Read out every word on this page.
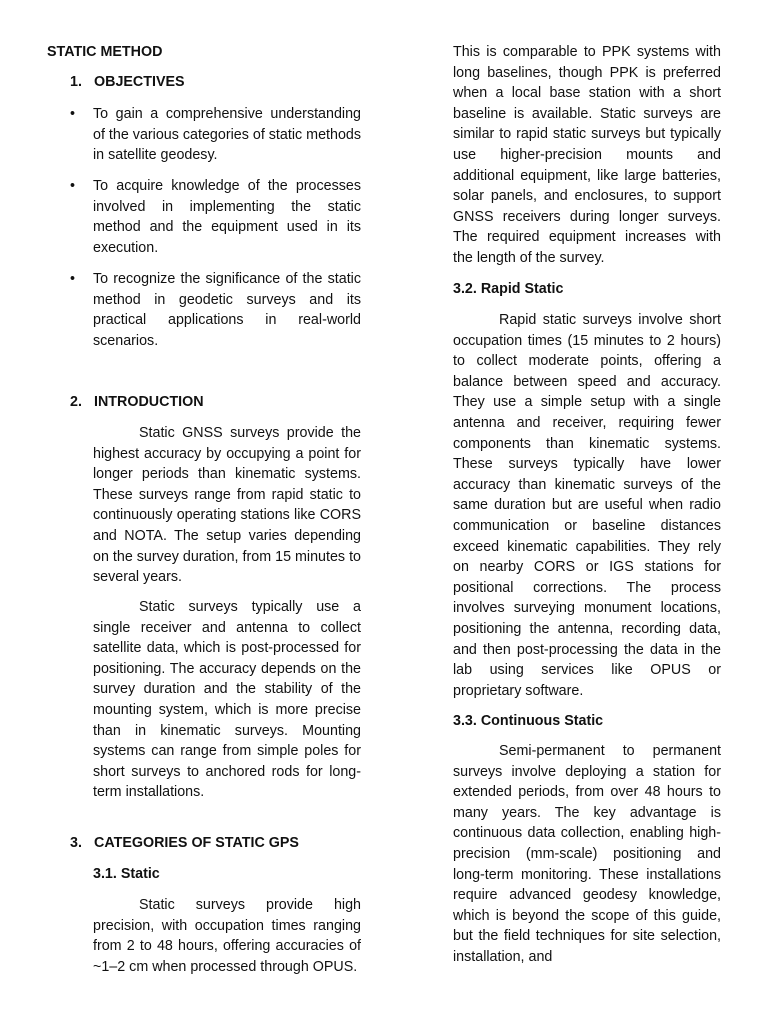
STATIC METHOD
1. OBJECTIVES
• To gain a comprehensive understanding of the various categories of static methods in satellite geodesy.
• To acquire knowledge of the processes involved in implementing the static method and the equipment used in its execution.
• To recognize the significance of the static method in geodetic surveys and its practical applications in real-world scenarios.
2. INTRODUCTION

Static GNSS surveys provide the highest accuracy by occupying a point for longer periods than kinematic systems. These surveys range from rapid static to continuously operating stations like CORS and NOTA. The setup varies depending on the survey duration, from 15 minutes to several years.

Static surveys typically use a single receiver and antenna to collect satellite data, which is post-processed for positioning. The accuracy depends on the survey duration and the stability of the mounting system, which is more precise than in kinematic surveys. Mounting systems can range from simple poles for short surveys to anchored rods for long-term installations.

3. CATEGORIES OF STATIC GPS
3.1. Static

Static surveys provide high precision, with occupation times ranging from 2 to 48 hours, offering accuracies of ~1–2 cm when processed through OPUS.

This is comparable to PPK systems with long baselines, though PPK is preferred when a local base station with a short baseline is available. Static surveys are similar to rapid static surveys but typically use higher-precision mounts and additional equipment, like large batteries, solar panels, and enclosures, to support GNSS receivers during longer surveys. The required equipment increases with the length of the survey.

3.2. Rapid Static

Rapid static surveys involve short occupation times (15 minutes to 2 hours) to collect moderate points, offering a balance between speed and accuracy. They use a simple setup with a single antenna and receiver, requiring fewer components than kinematic systems. These surveys typically have lower accuracy than kinematic surveys of the same duration but are useful when radio communication or baseline distances exceed kinematic capabilities. They rely on nearby CORS or IGS stations for positional corrections. The process involves surveying monument locations, positioning the antenna, recording data, and then post-processing the data in the lab using services like OPUS or proprietary software.

3.3. Continuous Static

Semi-permanent to permanent surveys involve deploying a station for extended periods, from over 48 hours to many years. The key advantage is continuous data collection, enabling high-precision (mm-scale) positioning and long-term monitoring. These installations require advanced geodesy knowledge, which is beyond the scope of this guide, but the field techniques for site selection, installation, and
